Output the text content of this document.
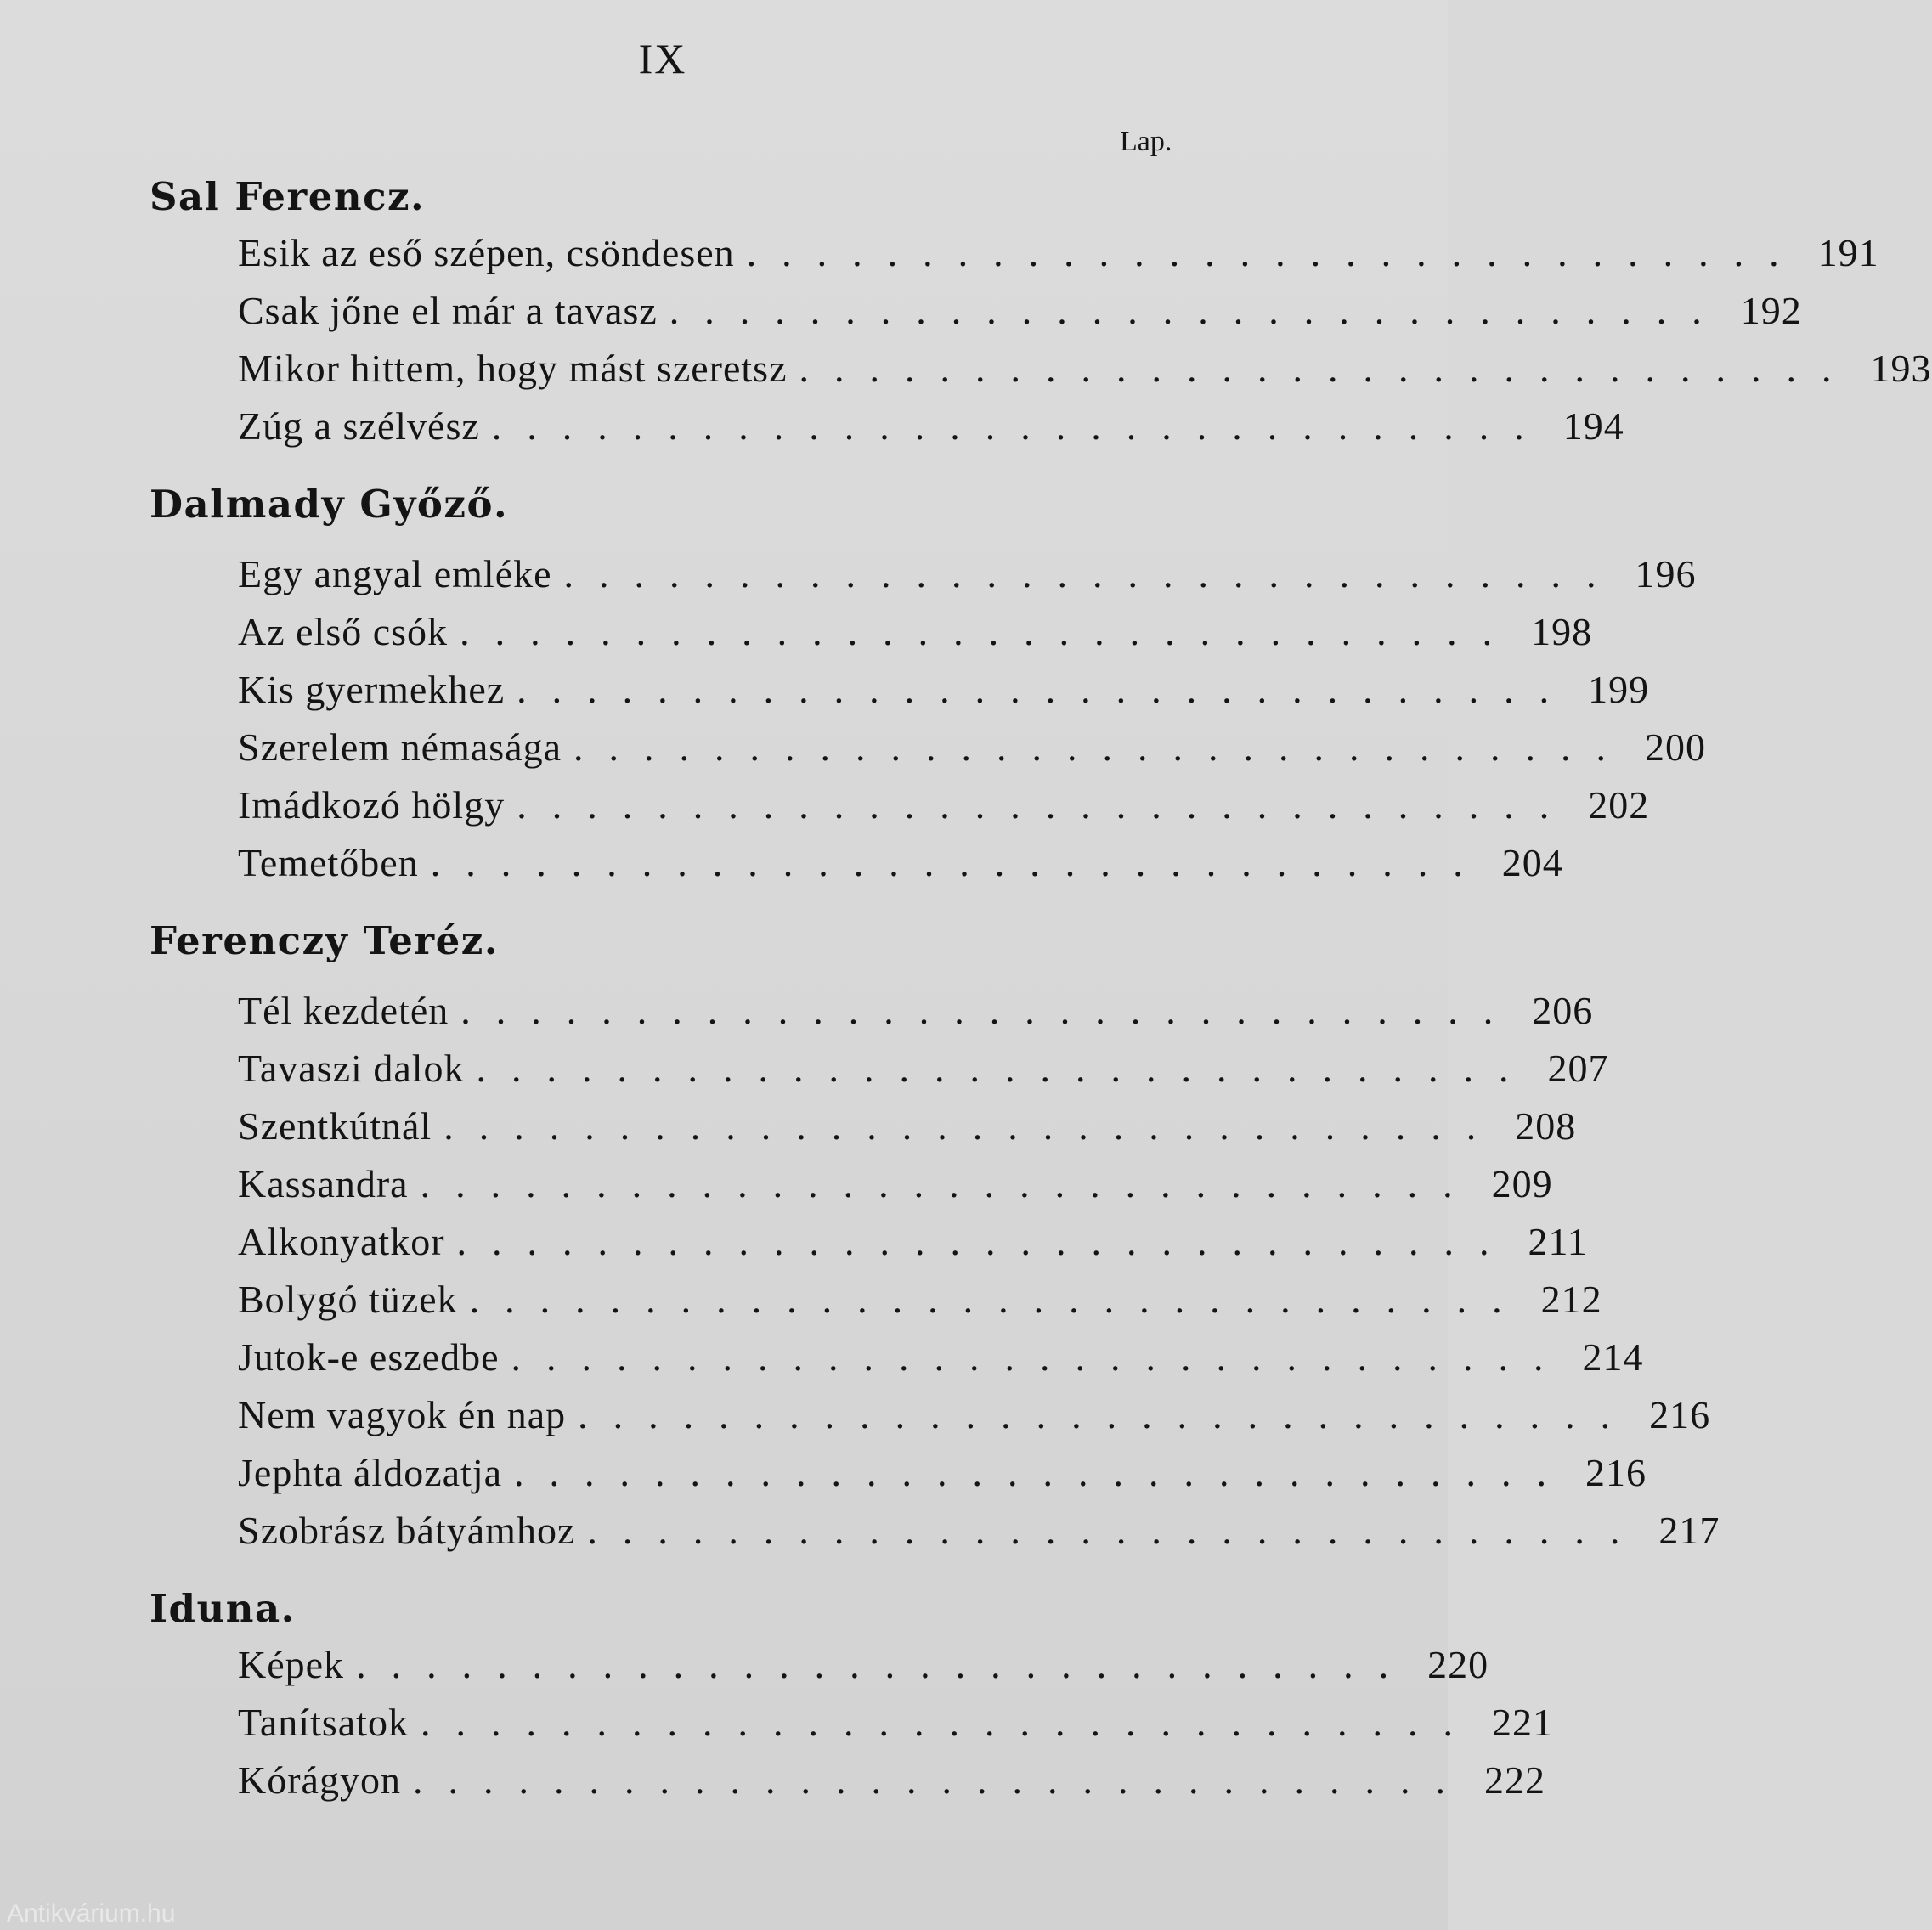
IX
Lap.
Sal Ferencz.
Esik az eső szépen, csöndesen .............................. 191
Csak jőne el már a tavasz .............................. 192
Mikor hittem, hogy mást szeretsz .............................. 193
Zúg a szélvész .............................. 194
Dalmady Győző.
Egy angyal emléke .............................. 196
Az első csók .............................. 198
Kis gyermekhez .............................. 199
Szerelem némasága .............................. 200
Imádkozó hölgy .............................. 202
Temetőben .............................. 204
Ferenczy Teréz.
Tél kezdetén .............................. 206
Tavaszi dalok .............................. 207
Szentkútnál .............................. 208
Kassandra .............................. 209
Alkonyatkor .............................. 211
Bolygó tüzek .............................. 212
Jutok-e eszedbe .............................. 214
Nem vagyok én nap .............................. 216
Jephta áldozatja .............................. 216
Szobrász bátyámhoz .............................. 217
Iduna.
Képek .............................. 220
Tanítsatok .............................. 221
Kórágyon .............................. 222
Antikvárium.hu
